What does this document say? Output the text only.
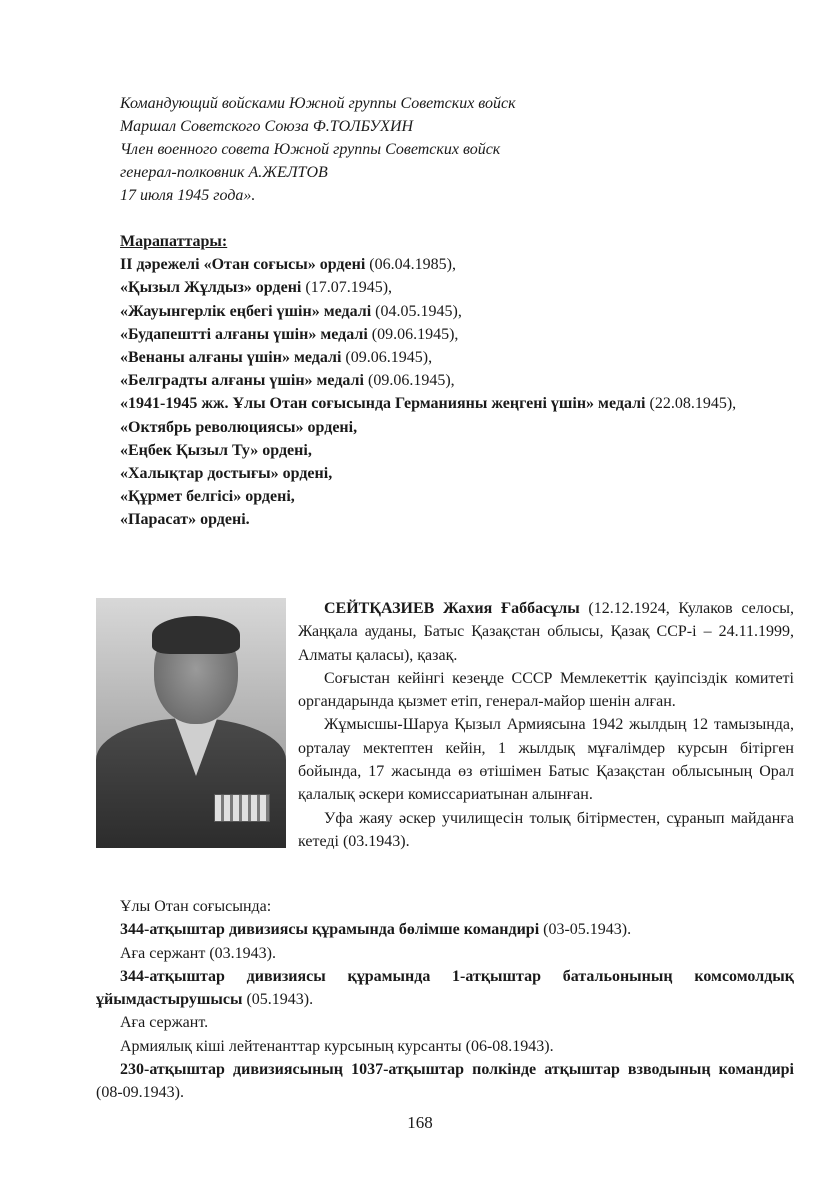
Командующий войсками Южной группы Советских войск
Маршал Советского Союза Ф.ТОЛБУХИН
Член военного совета Южной группы Советских войск
генерал-полковник А.ЖЕЛТОВ
17 июля 1945 года».
Марапаттары:
ІІ дәрежелі «Отан соғысы» ордені (06.04.1985),
«Қызыл Жұлдыз» ордені (17.07.1945),
«Жауынгерлік еңбегі үшін» медалі (04.05.1945),
«Будапештті алғаны үшін» медалі (09.06.1945),
«Венаны алғаны үшін» медалі (09.06.1945),
«Белградты алғаны үшін» медалі (09.06.1945),
«1941-1945 жж. Ұлы Отан соғысында Германияны жеңгені үшін» медалі (22.08.1945),
«Октябрь революциясы» ордені,
«Еңбек Қызыл Ту» ордені,
«Халықтар достығы» ордені,
«Құрмет белгісі» ордені,
«Парасат» ордені.

СЕЙТҚАЗИЕВ Жахия Ғаббасұлы (12.12.1924, Кулаков селосы, Жаңқала ауданы, Батыс Қазақстан облысы, Қазақ ССР-і – 24.11.1999, Алматы қаласы), қазақ.

Соғыстан кейінгі кезеңде СССР Мемлекеттік қауіпсіздік комитеті органдарында қызмет етіп, генерал-майор шенін алған.

Жұмысшы-Шаруа Қызыл Армиясына 1942 жылдың 12 тамызында, орталау мектептен кейін, 1 жылдық мұғалімдер курсын бітірген бойында, 17 жасында өз өтішімен Батыс Қазақстан облысының Орал қалалық әскери комиссариатынан алынған.

Уфа жаяу әскер училищесін толық бітірместен, сұранып майданға кетеді (03.1943).

Ұлы Отан соғысында:

344-атқыштар дивизиясы құрамында бөлімше командирі (03-05.1943).

Аға сержант (03.1943).

344-атқыштар дивизиясы құрамында 1-атқыштар батальонының комсомолдық ұйымдастырушысы (05.1943).

Аға сержант.

Армиялық кіші лейтенанттар курсының курсанты (06-08.1943).

230-атқыштар дивизиясының 1037-атқыштар полкінде атқыштар взводының командирі (08-09.1943).

168
